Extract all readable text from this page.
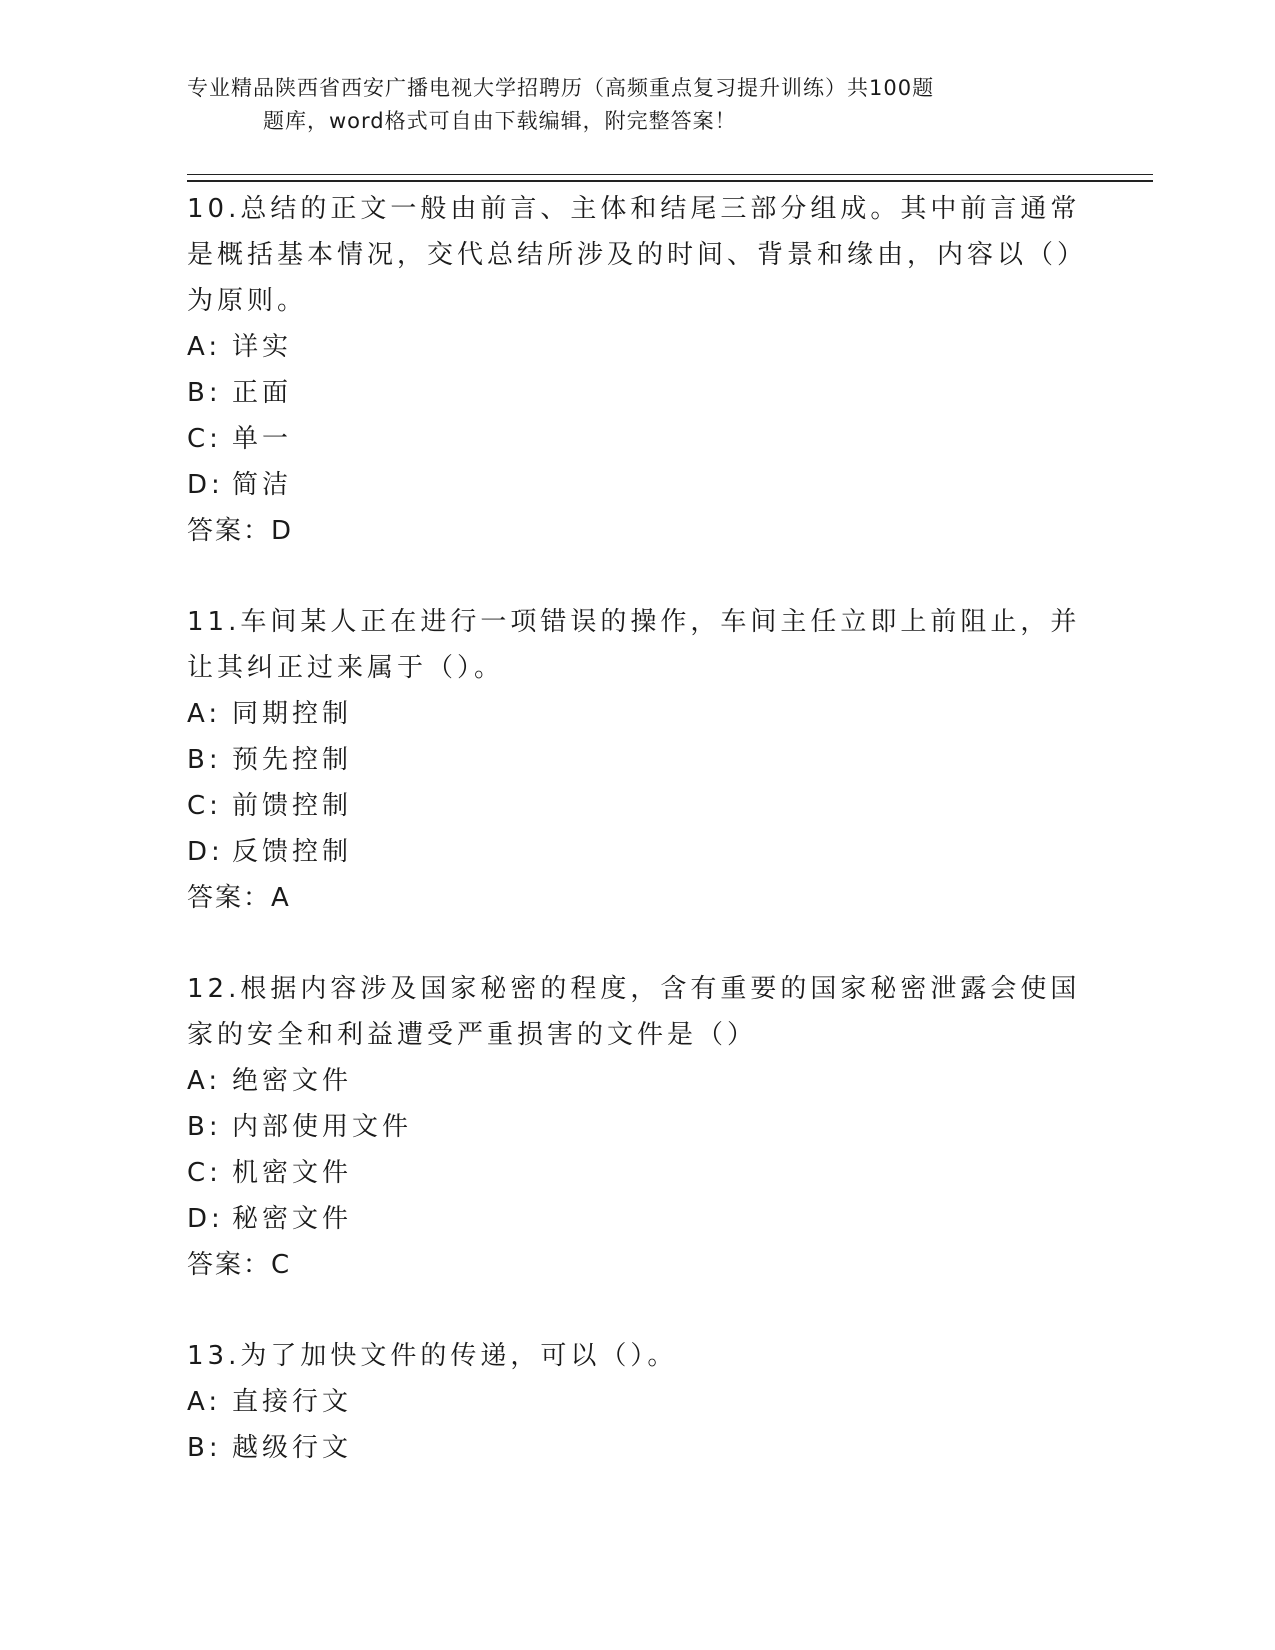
专业精品陕西省西安广播电视大学招聘历（高频重点复习提升训练）共100题
题库，word格式可自由下载编辑，附完整答案！

10.总结的正文一般由前言、主体和结尾三部分组成。其中前言通常是概括基本情况，交代总结所涉及的时间、背景和缘由，内容以（）为原则。

A: 详实

B: 正面

C: 单一

D: 简洁

答案：D

11.车间某人正在进行一项错误的操作，车间主任立即上前阻止，并让其纠正过来属于（）。

A: 同期控制

B: 预先控制

C: 前馈控制

D: 反馈控制

答案：A

12.根据内容涉及国家秘密的程度，含有重要的国家秘密泄露会使国家的安全和利益遭受严重损害的文件是（）

A: 绝密文件

B: 内部使用文件

C: 机密文件

D: 秘密文件

答案：C

13.为了加快文件的传递，可以（）。

A: 直接行文

B: 越级行文
